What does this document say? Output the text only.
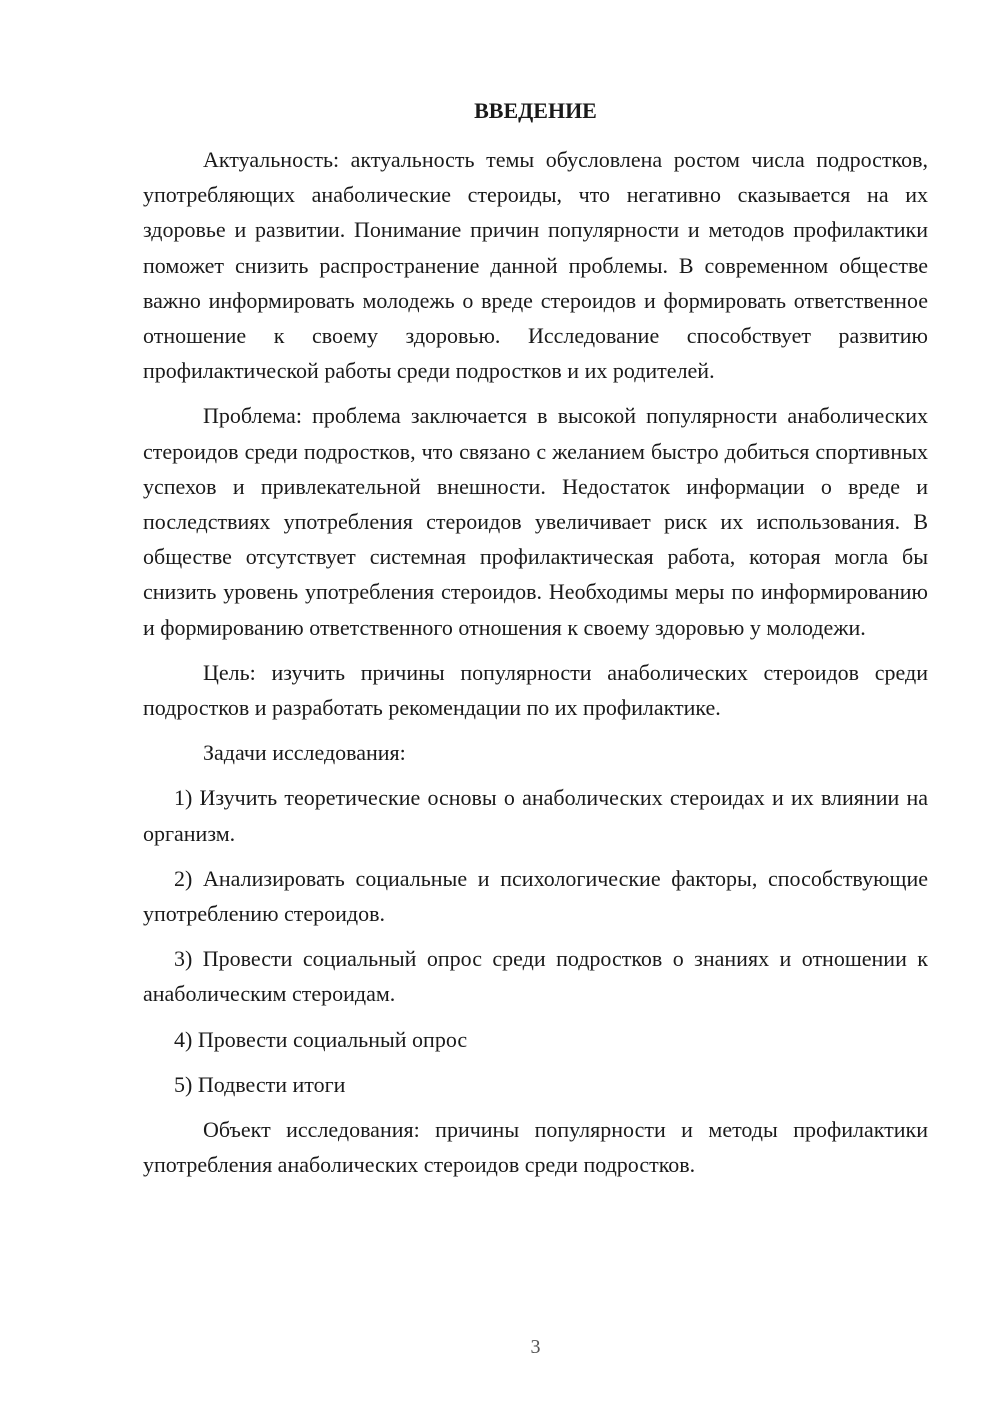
ВВЕДЕНИЕ

Актуальность: актуальность темы обусловлена ростом числа подростков, употребляющих анаболические стероиды, что негативно сказывается на их здоровье и развитии. Понимание причин популярности и методов профилактики поможет снизить распространение данной проблемы. В современном обществе важно информировать молодежь о вреде стероидов и формировать ответственное отношение к своему здоровью. Исследование способствует развитию профилактической работы среди подростков и их родителей.

Проблема: проблема заключается в высокой популярности анаболических стероидов среди подростков, что связано с желанием быстро добиться спортивных успехов и привлекательной внешности. Недостаток информации о вреде и последствиях употребления стероидов увеличивает риск их использования. В обществе отсутствует системная профилактическая работа, которая могла бы снизить уровень употребления стероидов. Необходимы меры по информированию и формированию ответственного отношения к своему здоровью у молодежи.

Цель: изучить причины популярности анаболических стероидов среди подростков и разработать рекомендации по их профилактике.

Задачи исследования:

1) Изучить теоретические основы о анаболических стероидах и их влиянии на организм.

2) Анализировать социальные и психологические факторы, способствующие употреблению стероидов.

3) Провести социальный опрос среди подростков о знаниях и отношении к анаболическим стероидам.

4) Провести социальный опрос

5) Подвести итоги

Объект исследования: причины популярности и методы профилактики употребления анаболических стероидов среди подростков.

3
